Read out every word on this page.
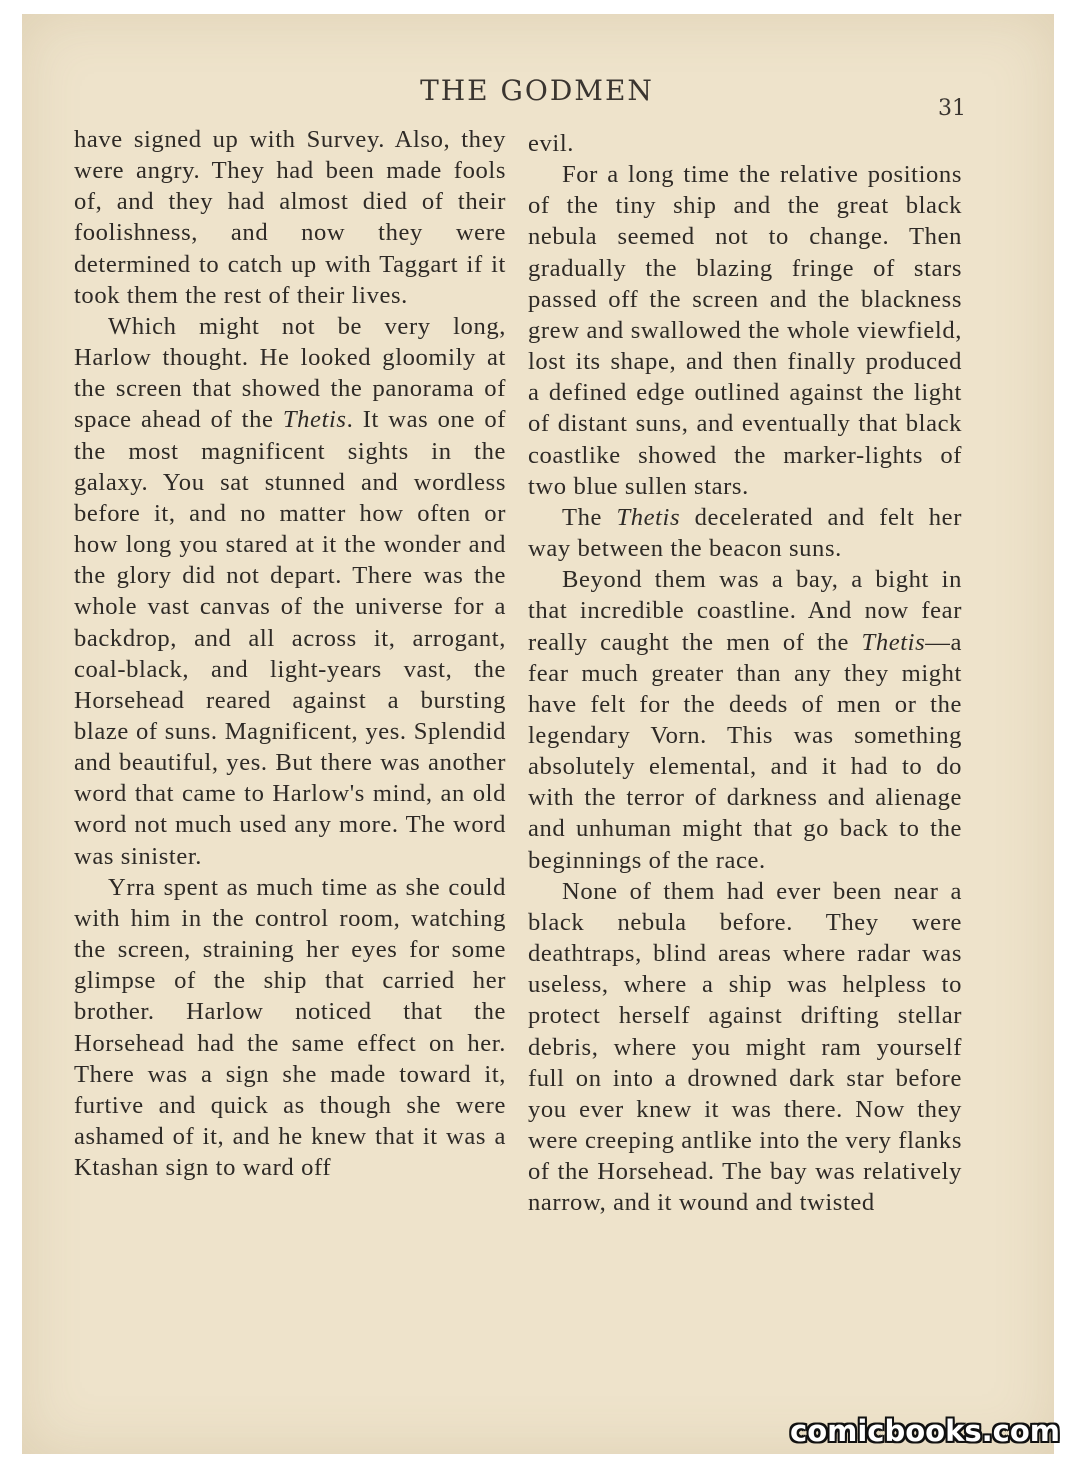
THE GODMEN
31

have signed up with Survey. Also, they were angry. They had been made fools of, and they had almost died of their foolishness, and now they were determined to catch up with Taggart if it took them the rest of their lives.

Which might not be very long, Harlow thought. He looked gloomily at the screen that showed the panorama of space ahead of the Thetis. It was one of the most magnificent sights in the galaxy. You sat stunned and wordless before it, and no matter how often or how long you stared at it the wonder and the glory did not depart. There was the whole vast canvas of the universe for a backdrop, and all across it, arrogant, coal-black, and light-years vast, the Horsehead reared against a bursting blaze of suns. Magnificent, yes. Splendid and beautiful, yes. But there was another word that came to Harlow's mind, an old word not much used any more. The word was sinister.

Yrra spent as much time as she could with him in the control room, watching the screen, straining her eyes for some glimpse of the ship that carried her brother. Harlow noticed that the Horsehead had the same effect on her. There was a sign she made toward it, furtive and quick as though she were ashamed of it, and he knew that it was a Ktashan sign to ward off

evil.

For a long time the relative positions of the tiny ship and the great black nebula seemed not to change. Then gradually the blazing fringe of stars passed off the screen and the blackness grew and swallowed the whole viewfield, lost its shape, and then finally produced a defined edge outlined against the light of distant suns, and eventually that black coastlike showed the marker-lights of two blue sullen stars.

The Thetis decelerated and felt her way between the beacon suns.

Beyond them was a bay, a bight in that incredible coastline. And now fear really caught the men of the Thetis—a fear much greater than any they might have felt for the deeds of men or the legendary Vorn. This was something absolutely elemental, and it had to do with the terror of darkness and alienage and unhuman might that go back to the beginnings of the race.

None of them had ever been near a black nebula before. They were deathtraps, blind areas where radar was useless, where a ship was helpless to protect herself against drifting stellar debris, where you might ram yourself full on into a drowned dark star before you ever knew it was there. Now they were creeping antlike into the very flanks of the Horsehead. The bay was relatively narrow, and it wound and twisted

comicbooks.com
